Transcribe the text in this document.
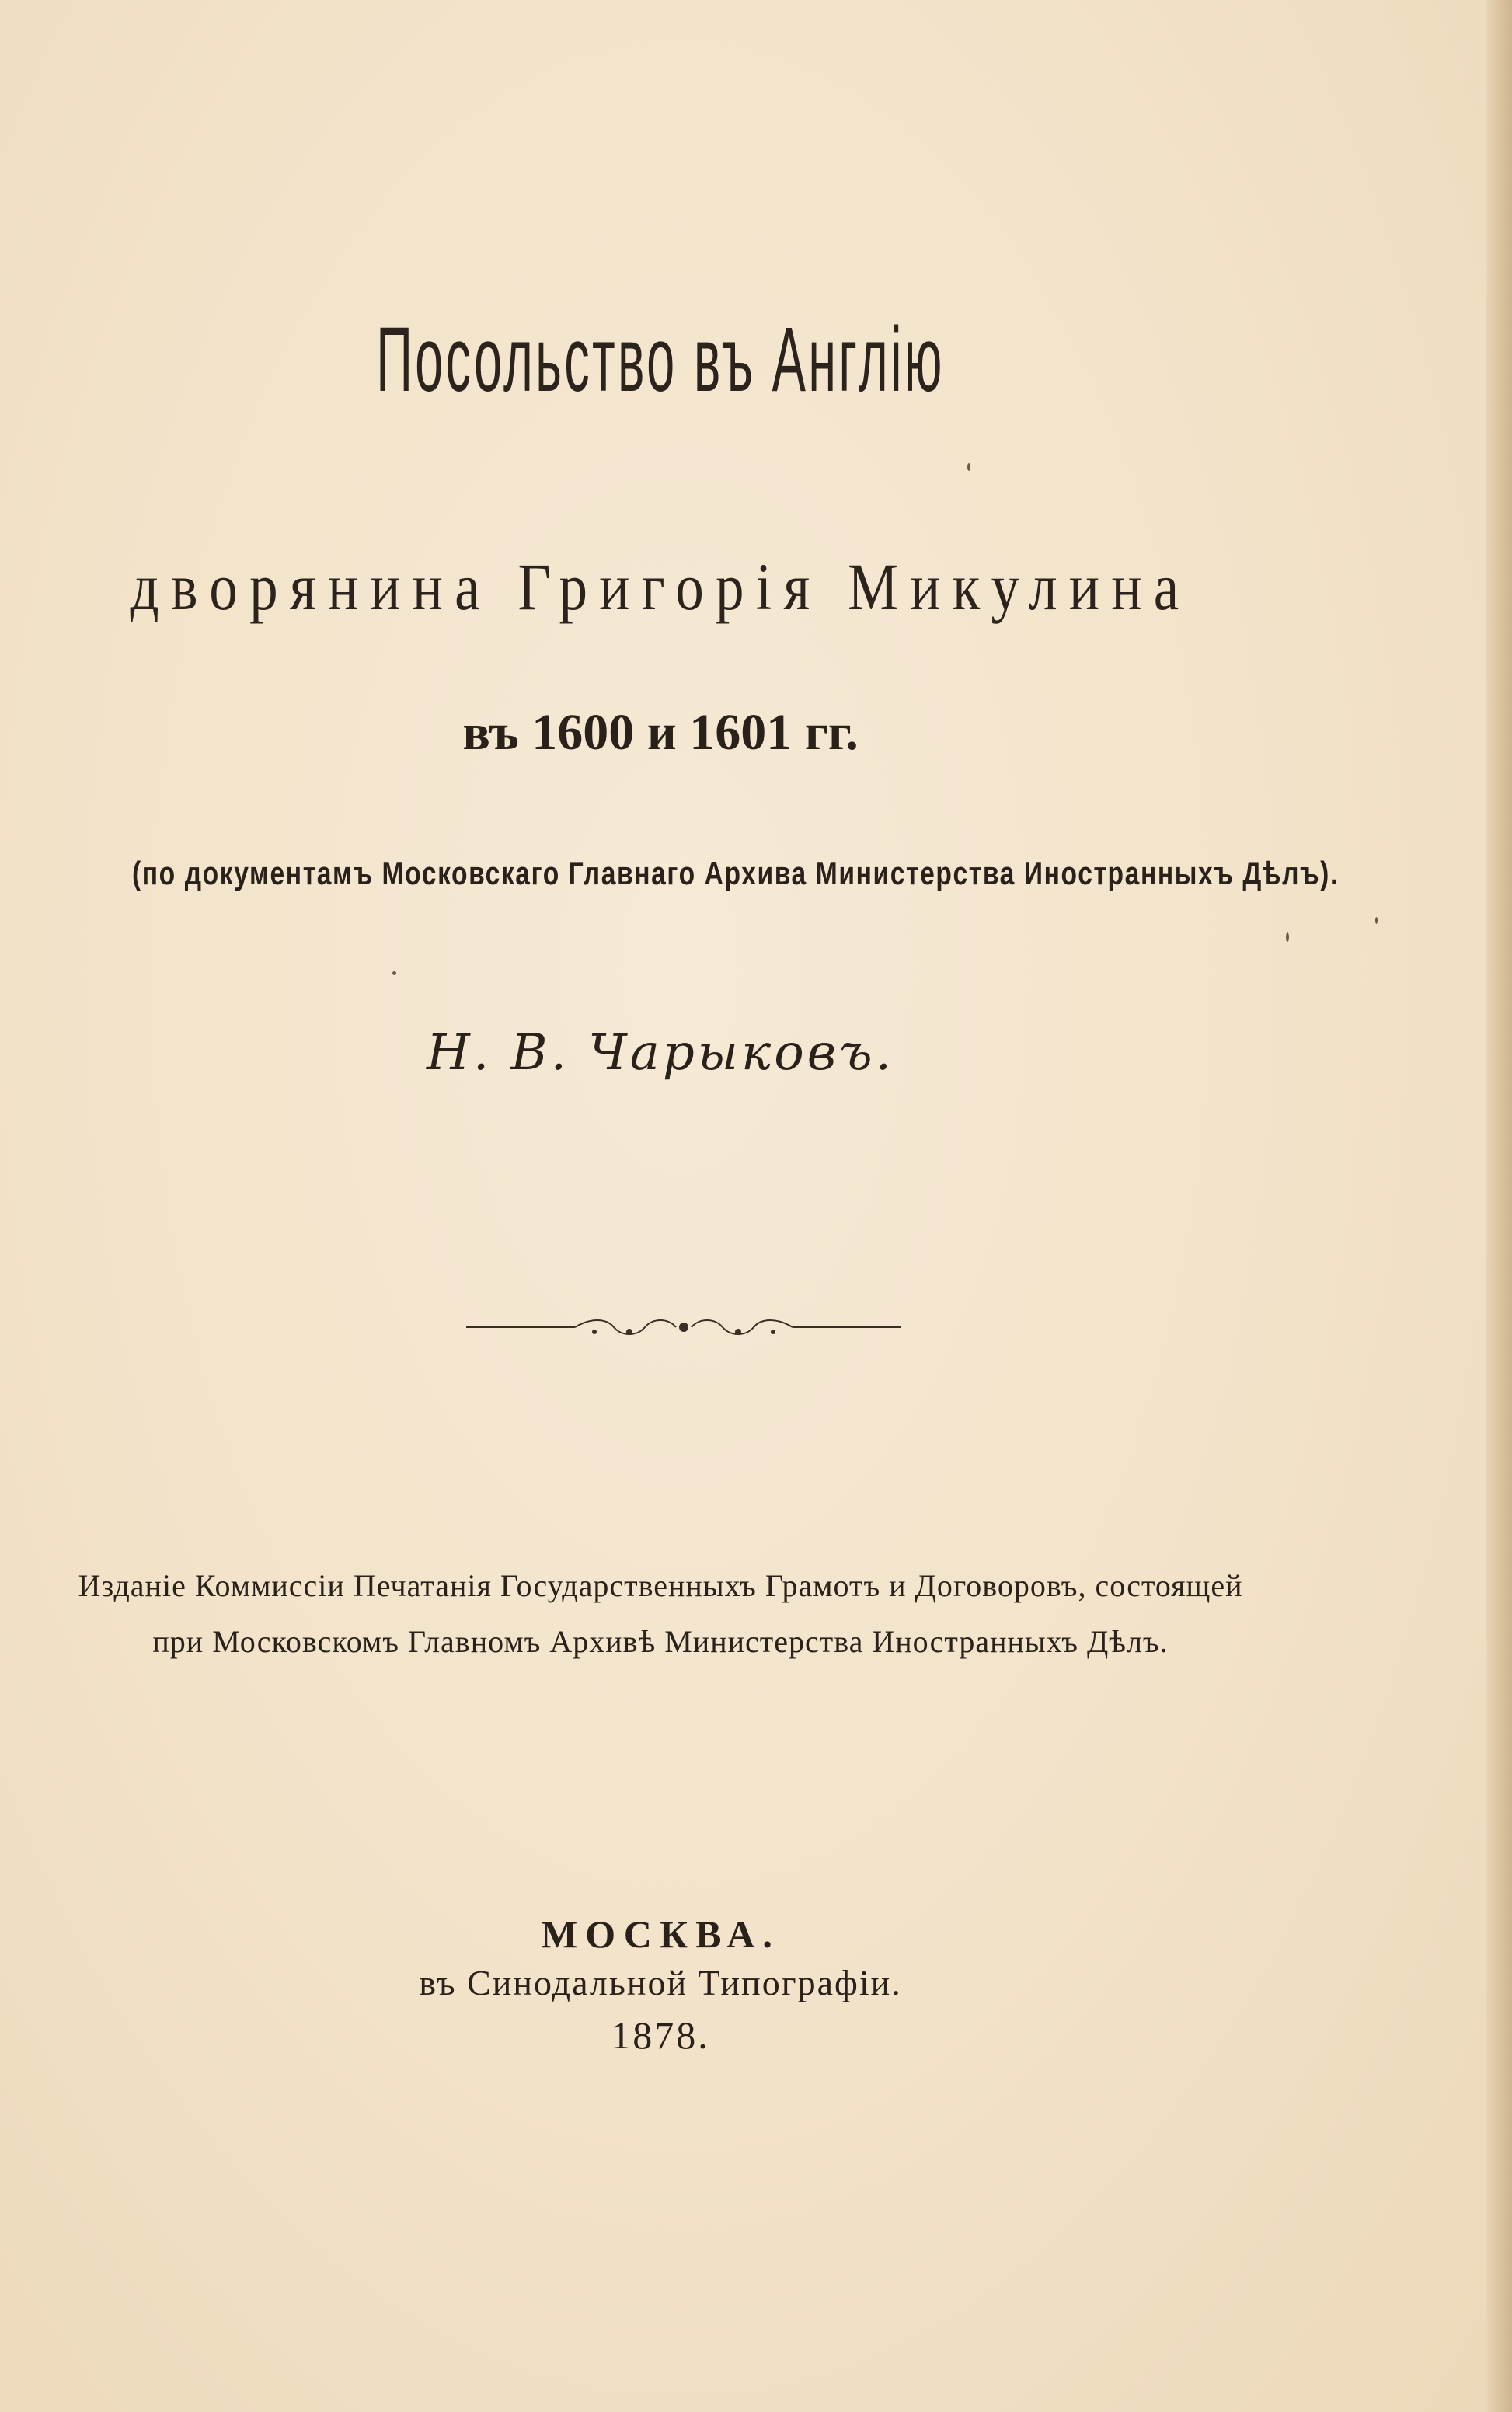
Посольство въ Англію
дворянина Григорія Микулина
въ 1600 и 1601 гг.
(по документамъ Московскаго Главнаго Архива Министерства Иностранныхъ Дѣлъ).
Н. В. Чарыковъ.
Изданіе Коммиссіи Печатанія Государственныхъ Грамотъ и Договоровъ, состоящей
при Московскомъ Главномъ Архивѣ Министерства Иностранныхъ Дѣлъ.
МОСКВА.
въ Синодальной Типографіи.
1878.
